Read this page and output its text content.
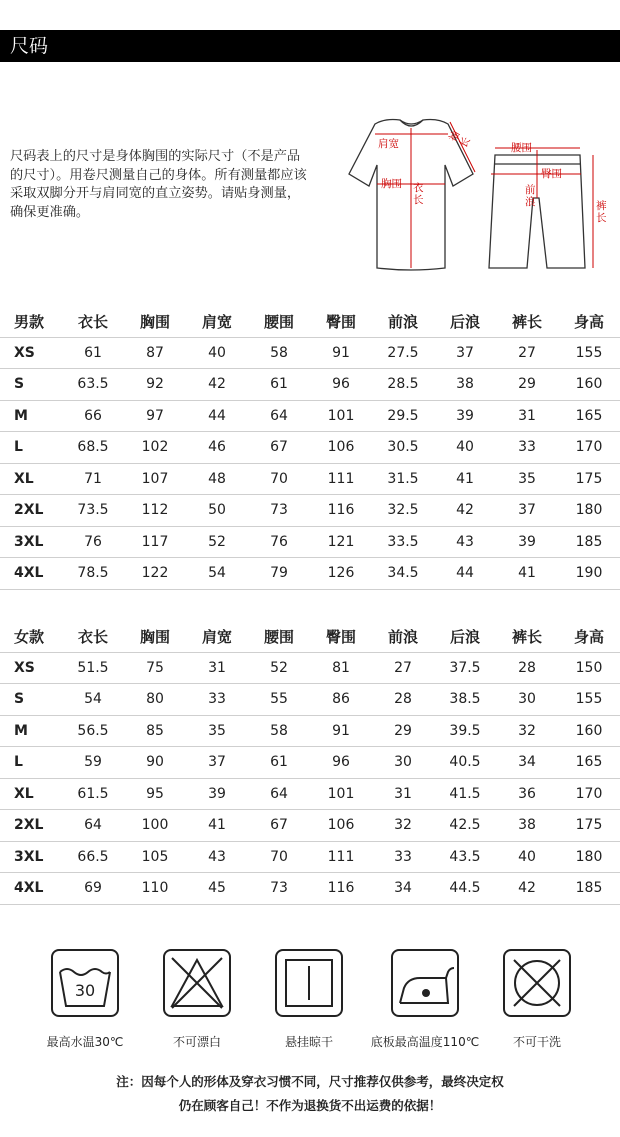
尺码
尺码表上的尺寸是身体胸围的实际尺寸（不是产品的尺寸）。用卷尺测量自己的身体。所有测量都应该采取双脚分开与肩同宽的直立姿势。请贴身测量，确保更准确。
肩宽	袖长
胸围 衣长
腰围
臀围
前浪	裤长
男款	衣长	胸围	肩宽	腰围	臀围	前浪	后浪	裤长	身高
XS	61	87	40	58	91	27.5	37	27	155
S	63.5	92	42	61	96	28.5	38	29	160
M	66	97	44	64	101	29.5	39	31	165
L	68.5	102	46	67	106	30.5	40	33	170
XL	71	107	48	70	111	31.5	41	35	175
2XL	73.5	112	50	73	116	32.5	42	37	180
3XL	76	117	52	76	121	33.5	43	39	185
4XL	78.5	122	54	79	126	34.5	44	41	190
女款	衣长	胸围	肩宽	腰围	臀围	前浪	后浪	裤长	身高
XS	51.5	75	31	52	81	27	37.5	28	150
S	54	80	33	55	86	28	38.5	30	155
M	56.5	85	35	58	91	29	39.5	32	160
L	59	90	37	61	96	30	40.5	34	165
XL	61.5	95	39	64	101	31	41.5	36	170
2XL	64	100	41	67	106	32	42.5	38	175
3XL	66.5	105	43	70	111	33	43.5	40	180
4XL	69	110	45	73	116	34	44.5	42	185
30
最高水温30℃	不可漂白	悬挂晾干	底板最高温度110℃	不可干洗
注：因每个人的形体及穿衣习惯不同，尺寸推荐仅供参考，最终决定权
仍在顾客自己！不作为退换货不出运费的依据！
